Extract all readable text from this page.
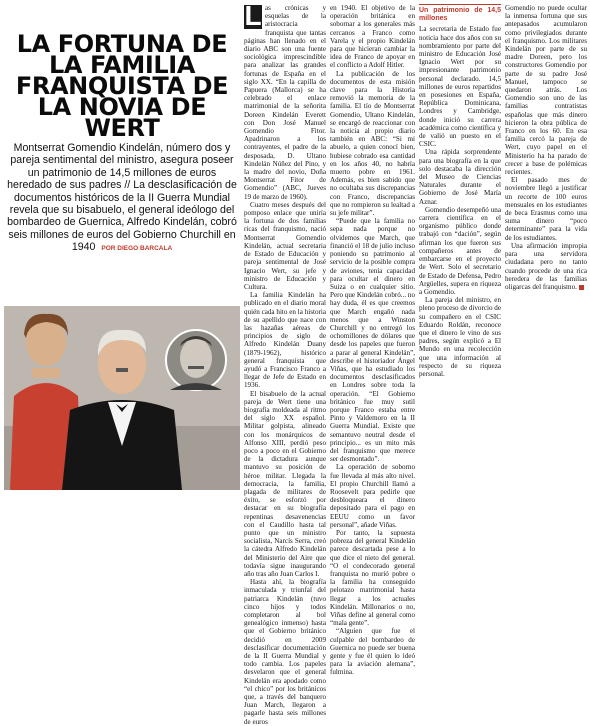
LA FORTUNA DE LA FAMILIA FRANQUISTA DE LA NOVIA DE WERT

Montserrat Gomendio Kindelán, número dos y pareja sentimental del ministro, asegura poseer un patrimonio de 14,5 millones de euros heredado de sus padres // La desclasificación de documentos históricos de la II Guerra Mundial revela que su bisabuelo, el general ideólogo del bombardeo de Guernica, Alfredo Kindelán, cobró seis millones de euros del Gobierno Churchill en 1940 POR DIEGO BARCALA

L as crónicas y esquelas de la aristocracia franquista que tantas páginas han llenado en el diario ABC son una fuente sociológica imprescindible para analizar las grandes fortunas de España en el siglo XX. “En la capilla de Papuera (Mallorca) se ha celebrado el enlace matrimonial de la señorita Doreen Kindelán Everett con Don José Manuel Gomendio Fitor. Apadrinaron a los contrayentes, el padre de la desposada, D. Ultano Kindelán Núñez del Pino, y la madre del novio, Doña Montserrat Fitor de Gomendio” (ABC, Jueves 19 de marzo de 1960).

Cuatro meses después del pomposo enlace que uniría la fortuna de dos familias ricas del franquismo, nació Montserrat Gomendio Kindelán, actual secretaria de Estado de Educación y pareja sentimental de José Ignacio Wert, su jefe y ministro de Educación y Cultura.

La familia Kindelán ha publicado en el diario moral quién cada hito en la historia de su apellido que nace con las hazañas aéreas de principios de siglo de Alfredo Kindelán Duany (1879-1962), histórico general franquista que ayudó a Francisco Franco a llegar de Jefe de Estado en 1936.

El bisabuelo de la actual pareja de Wert tiene una biografía moldeada al ritmo del siglo XX español. Militar golpista, alineado con los monárquicos de Alfonso XIII, perdió peso poco a poco en el Gobierno de la dictadura aunque mantuvo su posición de héroe militar. Llegada la democracia, la familia, plagada de militares de éxito, se esforzó por destacar en su biografía repentinas desavenencias con el Caudillo hasta tal punto que un ministro socialista, Narcís Serra, creó la cátedra Alfredo Kindelán del Ministerio del Aire que todavía sigue inaugurando año tras año Juan Carlos I.

Hasta ahí, la biografía inmaculada y triunfal del patriarca Kindelán (tuvo cinco hijos y todos completaron al bol genealógico inmenso) hasta que el Gobierno británico decidió en 2009 desclasificar documentación de la II Guerra Mundial y todo cambia. Los papeles desvelaron que el general Kindelán era apodado como “el chico” por los británicos que, a través del banquero Juan March, llegaron a pagarle hasta seis millones de euros

en 1940. El objetivo de la operación británica en sobornar a los generales más cercanos a Franco como Varela y el propio Kindelán para que hicieran cambiar la idea de Franco de apoyar en el conflicto a Adolf Hitler.

La publicación de los documentos de esta misión clave para la Historia removió la memoria de la familia. El tío de Montserrat Gomendio, Ultano Kindelán, se encargó de reaccionar con la noticia al propio diario también en ABC: “Si mi abuelo, a quien conocí bien, hubiese cobrado esa cantidad en los años 40, no habría muerto pobre en 1961. Además, es bien sabido que no ocultaba sus discrepancias con Franco, discrepancias que no rompieron su lealtad a su jefe militar”.

“Puede que la familia no sepa nada porque no olvidemos que March, que financió el 18 de julio incluso poniendo su patrimonio al servicio de la posible compra de aviones, tenía capacidad para ocultar el dinero en Suiza o en cualquier sitio. Pero que Kindelán cobró... no hay duda, él es que creemos que March engañó nada menos que a Winston Churchill y no entregó los ochomillones de dólares que desde los papeles que fueron a parar al general Kindelán”, describe el historiador Ángel Viñas, que ha estudiado los documentos desclasificados en Londres sobre toda la operación. “El Gobierno británico fue muy sutil porque Franco estaba entre Pinto y Valdemoro en la II Guerra Mundial. Existe que semantuvo neutral desde el principio... es un mito más del franquismo que merece ser desmontado”.

La operación de soborno fue llevada al más alto nivel. El propio Churchill llamó a Roosevelt para pedirle que desbloqueara el dinero depositado para el pago en EEUU como un favor personal”, añade Viñas.

Por tanto, la supuesta pobreza del general Kindelán parece descartada pese a lo que dice el nieto del general. “O el condecorado general franquista no murió pobre o la familia ha conseguido pelotazo matrimonial hasta llegar a los actuales Kindelán. Millonarios o no, Viñas define al general como “mala gente”.

“Alguien que fue el culpable del bombardeo de Guernica no puede ser buena gente y fue él quien lo ideó para la aviación alemana”, fulmina.

Un patrimonio de 14,5 millones

La secretaria de Estado fue noticia hace dos años con su nombramiento por parte del ministro de Educación José Ignacio Wert por su impresionante patrimonio personal declarado. 14,5 millones de euros repartidos en posesiones en España, República Dominicana, Londres y Cambridge, donde inició su carrera académica como científica y de valió un puesto en el CSIC.

Una rápida sorprendente para una biografía en la que solo destacaba la dirección del Museo de Ciencias Naturales durante el Gobierno de José María Aznar.

Gomendio desempeñó una carrera científica en el organismo público donde trabajó con “dación”, según afirman los que fueron sus compañeros antes de embarcarse en el proyecto de Wert. Solo el secretario de Estado de Defensa, Pedro Argüelles, supera en riqueza a Gomendio.

La pareja del ministro, en pleno proceso de divorcio de su compañero en el CSIC Eduardo Roldán, reconoce que el dinero le vino de sus padres, según explicó a El Mundo en una recolección que una información al respecto de su riqueza personal.

Gomendio no puede ocultar la inmensa fortuna que sus antepasados acumularon como privilegiados durante el franquismo. Los militares Kindelán por parte de su madre Doreen, pero los constructores Gomendio por parte de su padre José Manuel, tampoco se quedaron atrás. Los Gomendio son uno de las familias contratistas españolas que más dinero hicieron la obra pública de Franco en los 60. En esa familia cercó la pareja de Wert, cuyo papel en el Ministerio ha ha parado de crecer a base de polémicas recientes.

El pasado mes de noviembre llegó a justificar un recorte de 100 euros mensuales en los estudiantes de beca Erasmus como una suma dinero “poco determinante” para la vida de los estudiantes.

Una afirmación impropia para una servidora ciudadana pero no tanto cuando procede de una rica heredera de las familias oligarcas del franquismo.
